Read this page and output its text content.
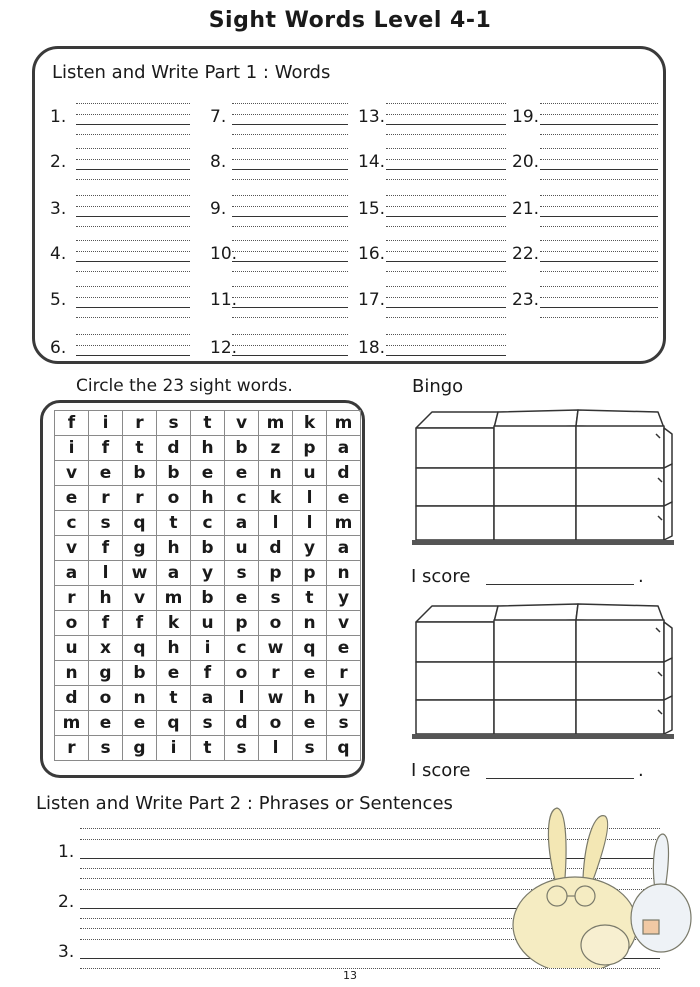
Sight Words Level 4-1
Listen and Write Part 1 : Words
1.
2.
3.
4.
5.
6.
7.
8.
9.
10.
11.
12.
13.
14.
15.
16.
17.
18.
19.
20.
21.
22.
23.
Circle the 23 sight words.
f	i	r	s	t	v	m	k	m
i	f	t	d	h	b	z	p	a
v	e	b	b	e	e	n	u	d
e	r	r	o	h	c	k	l	e
c	s	q	t	c	a	l	l	m
v	f	g	h	b	u	d	y	a
a	l	w	a	y	s	p	p	n
r	h	v	m	b	e	s	t	y
o	f	f	k	u	p	o	n	v
u	x	q	h	i	c	w	q	e
n	g	b	e	f	o	r	e	r
d	o	n	t	a	l	w	h	y
m	e	e	q	s	d	o	e	s
r	s	g	i	t	s	l	s	q
Bingo
I score	.
I score	.
Listen and Write Part 2 : Phrases or Sentences
1.
2.
3.
13
